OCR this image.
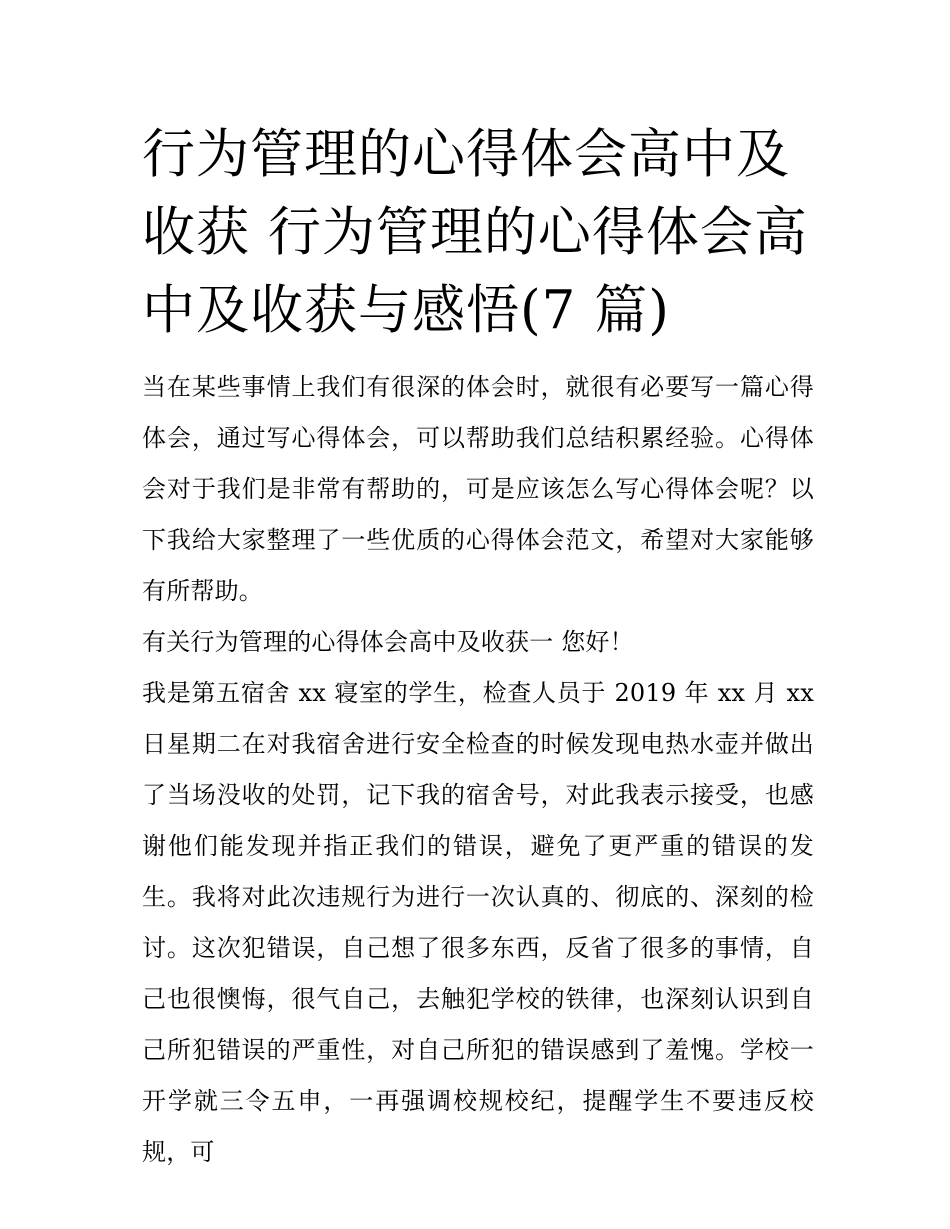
行为管理的心得体会高中及收获 行为管理的心得体会高中及收获与感悟(7 篇)

当在某些事情上我们有很深的体会时，就很有必要写一篇心得体会，通过写心得体会，可以帮助我们总结积累经验。心得体会对于我们是非常有帮助的，可是应该怎么写心得体会呢？以下我给大家整理了一些优质的心得体会范文，希望对大家能够有所帮助。

有关行为管理的心得体会高中及收获一 您好！

我是第五宿舍 xx 寝室的学生，检查人员于 2019 年 xx 月 xx 日星期二在对我宿舍进行安全检查的时候发现电热水壶并做出了当场没收的处罚，记下我的宿舍号，对此我表示接受，也感谢他们能发现并指正我们的错误，避免了更严重的错误的发生。我将对此次违规行为进行一次认真的、彻底的、深刻的检讨。这次犯错误，自己想了很多东西，反省了很多的事情，自己也很懊悔，很气自己，去触犯学校的铁律，也深刻认识到自己所犯错误的严重性，对自己所犯的错误感到了羞愧。学校一开学就三令五申，一再强调校规校纪，提醒学生不要违反校规，可
